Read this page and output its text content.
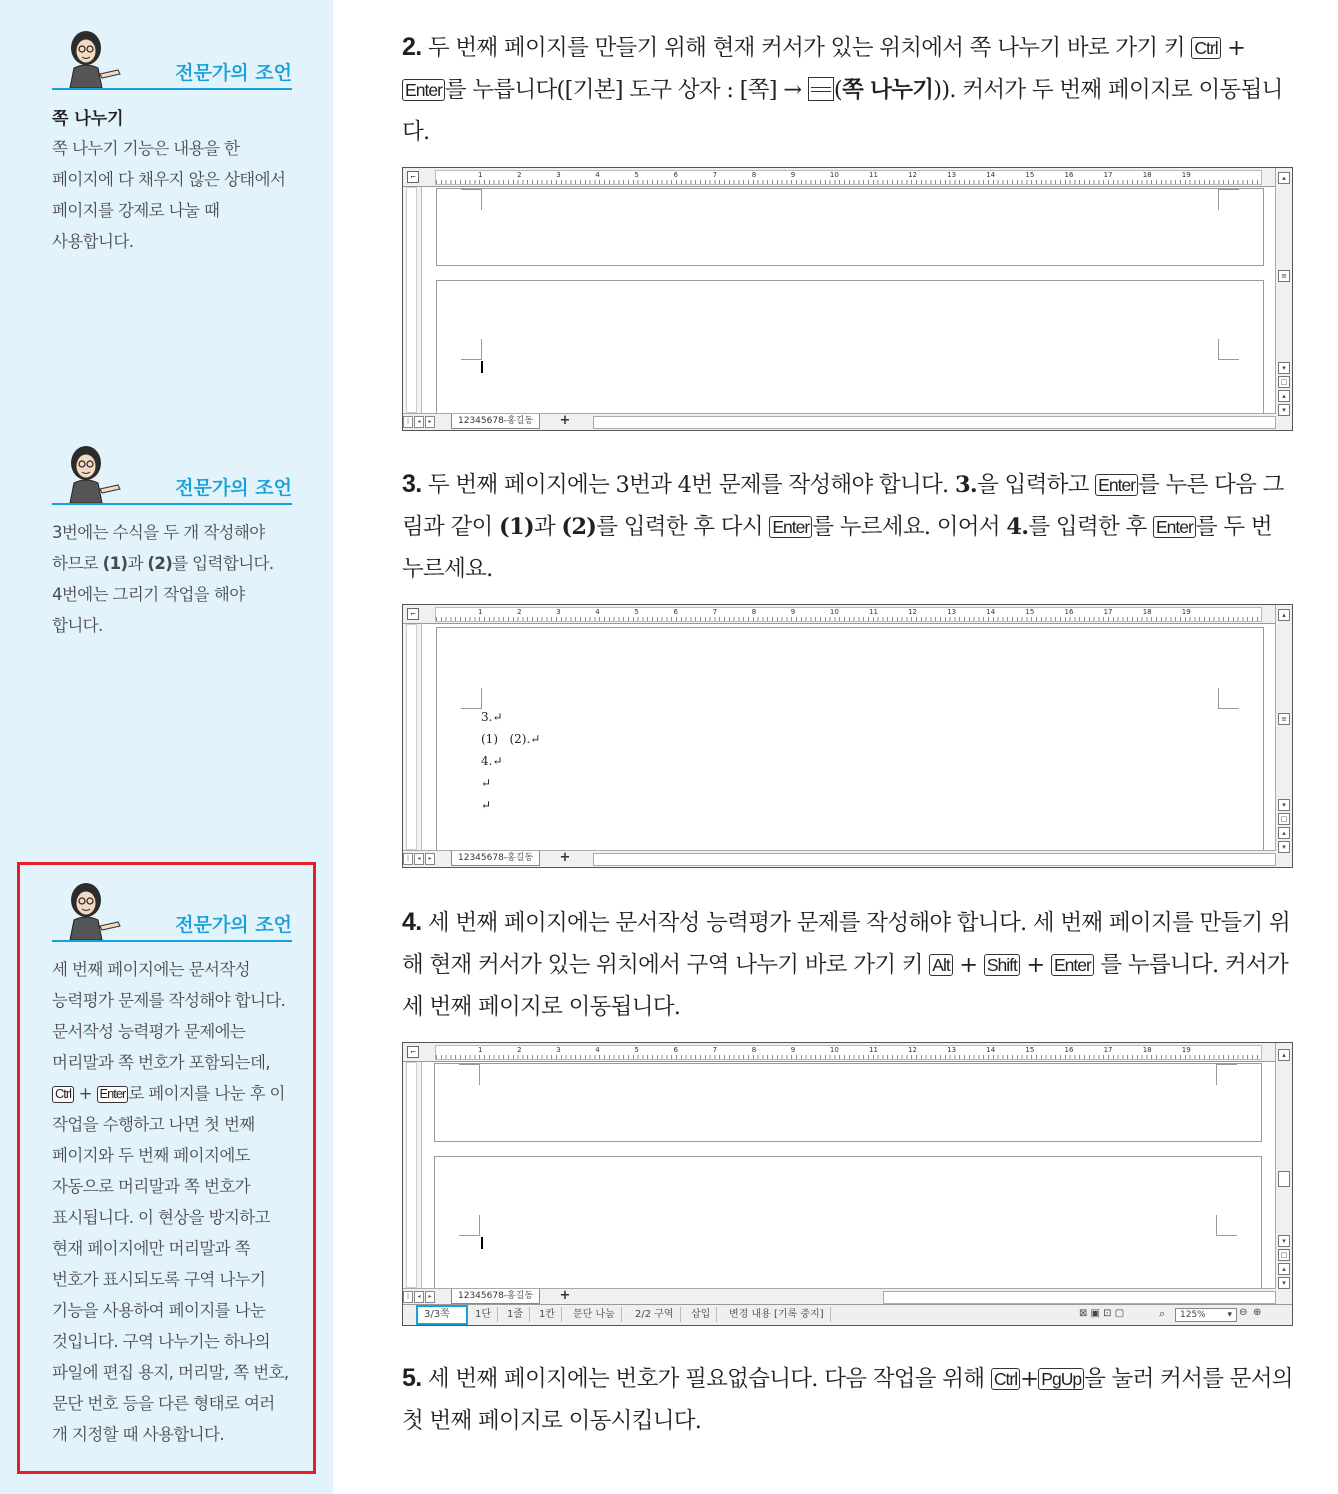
전문가의 조언
쪽 나누기
쪽 나누기 기능은 내용을 한 페이지에 다 채우지 않은 상태에서 페이지를 강제로 나눌 때 사용합니다.
전문가의 조언
3번에는 수식을 두 개 작성해야 하므로 (1)과 (2)를 입력합니다. 4번에는 그리기 작업을 해야 합니다.
전문가의 조언
세 번째 페이지에는 문서작성 능력평가 문제를 작성해야 합니다. 문서작성 능력평가 문제에는 머리말과 쪽 번호가 포함되는데, Ctrl + Enter 로 페이지를 나눈 후 이 작업을 수행하고 나면 첫 번째 페이지와 두 번째 페이지에도 자동으로 머리말과 쪽 번호가 표시됩니다. 이 현상을 방지하고 현재 페이지에만 머리말과 쪽 번호가 표시되도록 구역 나누기 기능을 사용하여 페이지를 나눈 것입니다. 구역 나누기는 하나의 파일에 편집 용지, 머리말, 쪽 번호, 문단 번호 등을 다른 형태로 여러 개 지정할 때 사용합니다.
2. 두 번째 페이지를 만들기 위해 현재 커서가 있는 위치에서 쪽 나누기 바로 가기 키 Ctrl + Enter 를 누릅니다([기본] 도구 상자 : [쪽] → (쪽 나누기)). 커서가 두 번째 페이지로 이동됩니다.
⌐	1	2	3	4	5	6	7	8	9	10	11	12	13	14	15	16	17	18	19	▴
≡
▾
□
▴
▾
| ◂ ▸	12345678-홍길동	+
3. 두 번째 페이지에는 3번과 4번 문제를 작성해야 합니다. 3.을 입력하고 Enter 를 누른 다음 그림과 같이 (1)과 (2)를 입력한 후 다시 Enter 를 누르세요. 이어서 4.를 입력한 후 Enter 를 두 번 누르세요.
⌐	1	2	3	4	5	6	7	8	9	10	11	12	13	14	15	16	17	18	19
3.↵
(1)   (2).↵
4.↵
↵
↵
▴
≡
▾
□
▴
▾
| ◂ ▸	12345678-홍길동	+
4. 세 번째 페이지에는 문서작성 능력평가 문제를 작성해야 합니다. 세 번째 페이지를 만들기 위해 현재 커서가 있는 위치에서 구역 나누기 바로 가기 키 Alt + Shift + Enter 를 누릅니다. 커서가 세 번째 페이지로 이동됩니다.
⌐	1	2	3	4	5	6	7	8	9	10	11	12	13	14	15	16	17	18	19
▴
▾
□
▴
▾
| ◂ ▸	12345678-홍길동	+
3/3쪽	1단	1줄	1칸	문단 나눔	2/2 구역	삽입	변경 내용 [기록 중지]	⊠ ▣ ⊡ ▢	⌕	125% ▾ ⊖ ⊕
5. 세 번째 페이지에는 번호가 필요없습니다. 다음 작업을 위해 Ctrl + PgUp 을 눌러 커서를 문서의 첫 번째 페이지로 이동시킵니다.
